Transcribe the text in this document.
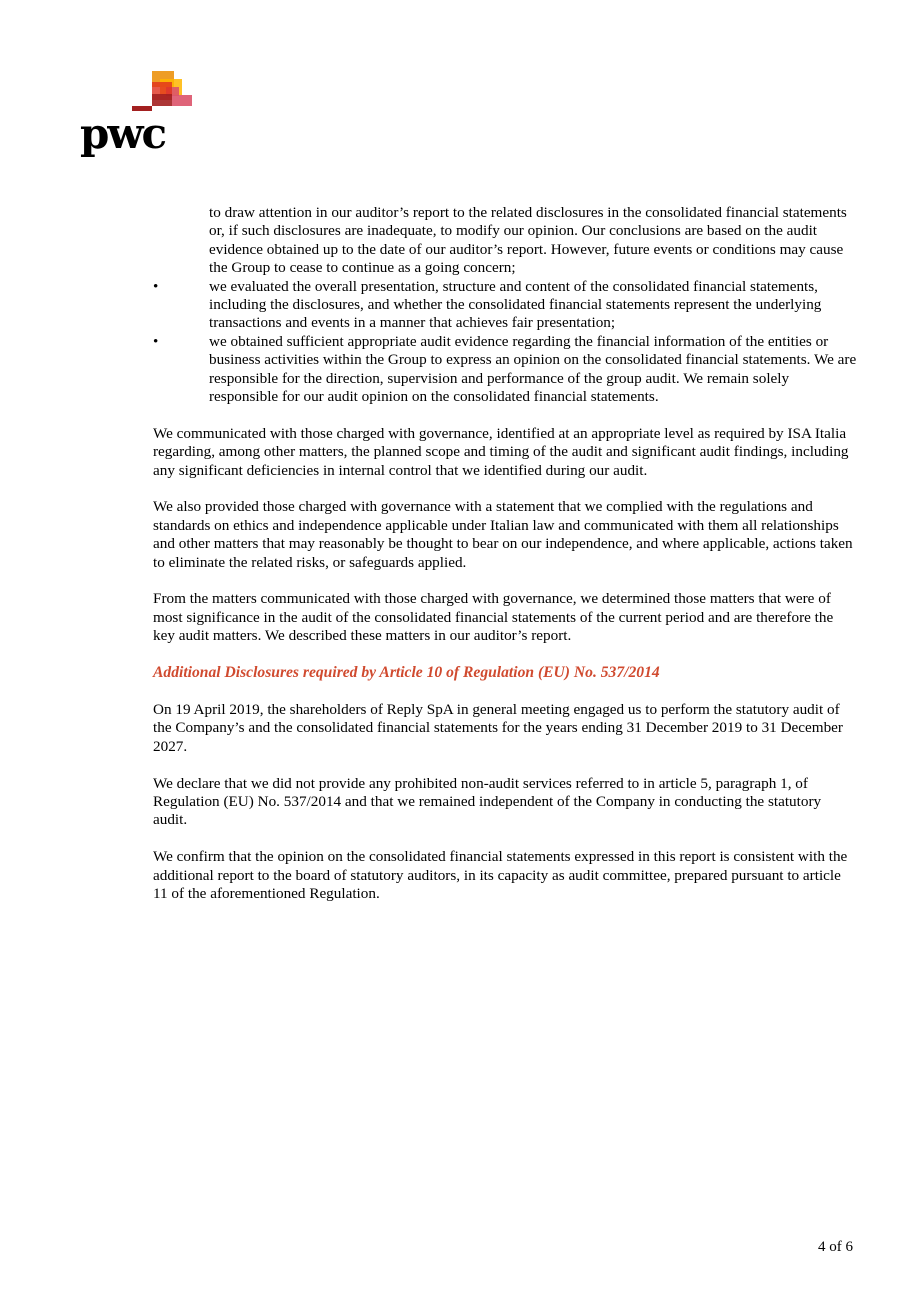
pwc
to draw attention in our auditor’s report to the related disclosures in the consolidated financial statements or, if such disclosures are inadequate, to modify our opinion. Our conclusions are based on the audit evidence obtained up to the date of our auditor’s report. However, future events or conditions may cause the Group to cease to continue as a going concern;
•	we evaluated the overall presentation, structure and content of the consolidated financial statements, including the disclosures, and whether the consolidated financial statements represent the underlying transactions and events in a manner that achieves fair presentation;
•	we obtained sufficient appropriate audit evidence regarding the financial information of the entities or business activities within the Group to express an opinion on the consolidated financial statements. We are responsible for the direction, supervision and performance of the group audit. We remain solely responsible for our audit opinion on the consolidated financial statements.

We communicated with those charged with governance, identified at an appropriate level as required by ISA Italia regarding, among other matters, the planned scope and timing of the audit and significant audit findings, including any significant deficiencies in internal control that we identified during our audit.

We also provided those charged with governance with a statement that we complied with the regulations and standards on ethics and independence applicable under Italian law and communicated with them all relationships and other matters that may reasonably be thought to bear on our independence, and where applicable, actions taken to eliminate the related risks, or safeguards applied.

From the matters communicated with those charged with governance, we determined those matters that were of most significance in the audit of the consolidated financial statements of the current period and are therefore the key audit matters. We described these matters in our auditor’s report.

Additional Disclosures required by Article 10 of Regulation (EU) No. 537/2014

On 19 April 2019, the shareholders of Reply SpA in general meeting engaged us to perform the statutory audit of the Company’s and the consolidated financial statements for the years ending 31 December 2019 to 31 December 2027.

We declare that we did not provide any prohibited non-audit services referred to in article 5, paragraph 1, of Regulation (EU) No. 537/2014 and that we remained independent of the Company in conducting the statutory audit.

We confirm that the opinion on the consolidated financial statements expressed in this report is consistent with the additional report to the board of statutory auditors, in its capacity as audit committee, prepared pursuant to article 11 of the aforementioned Regulation.

4 of 6
